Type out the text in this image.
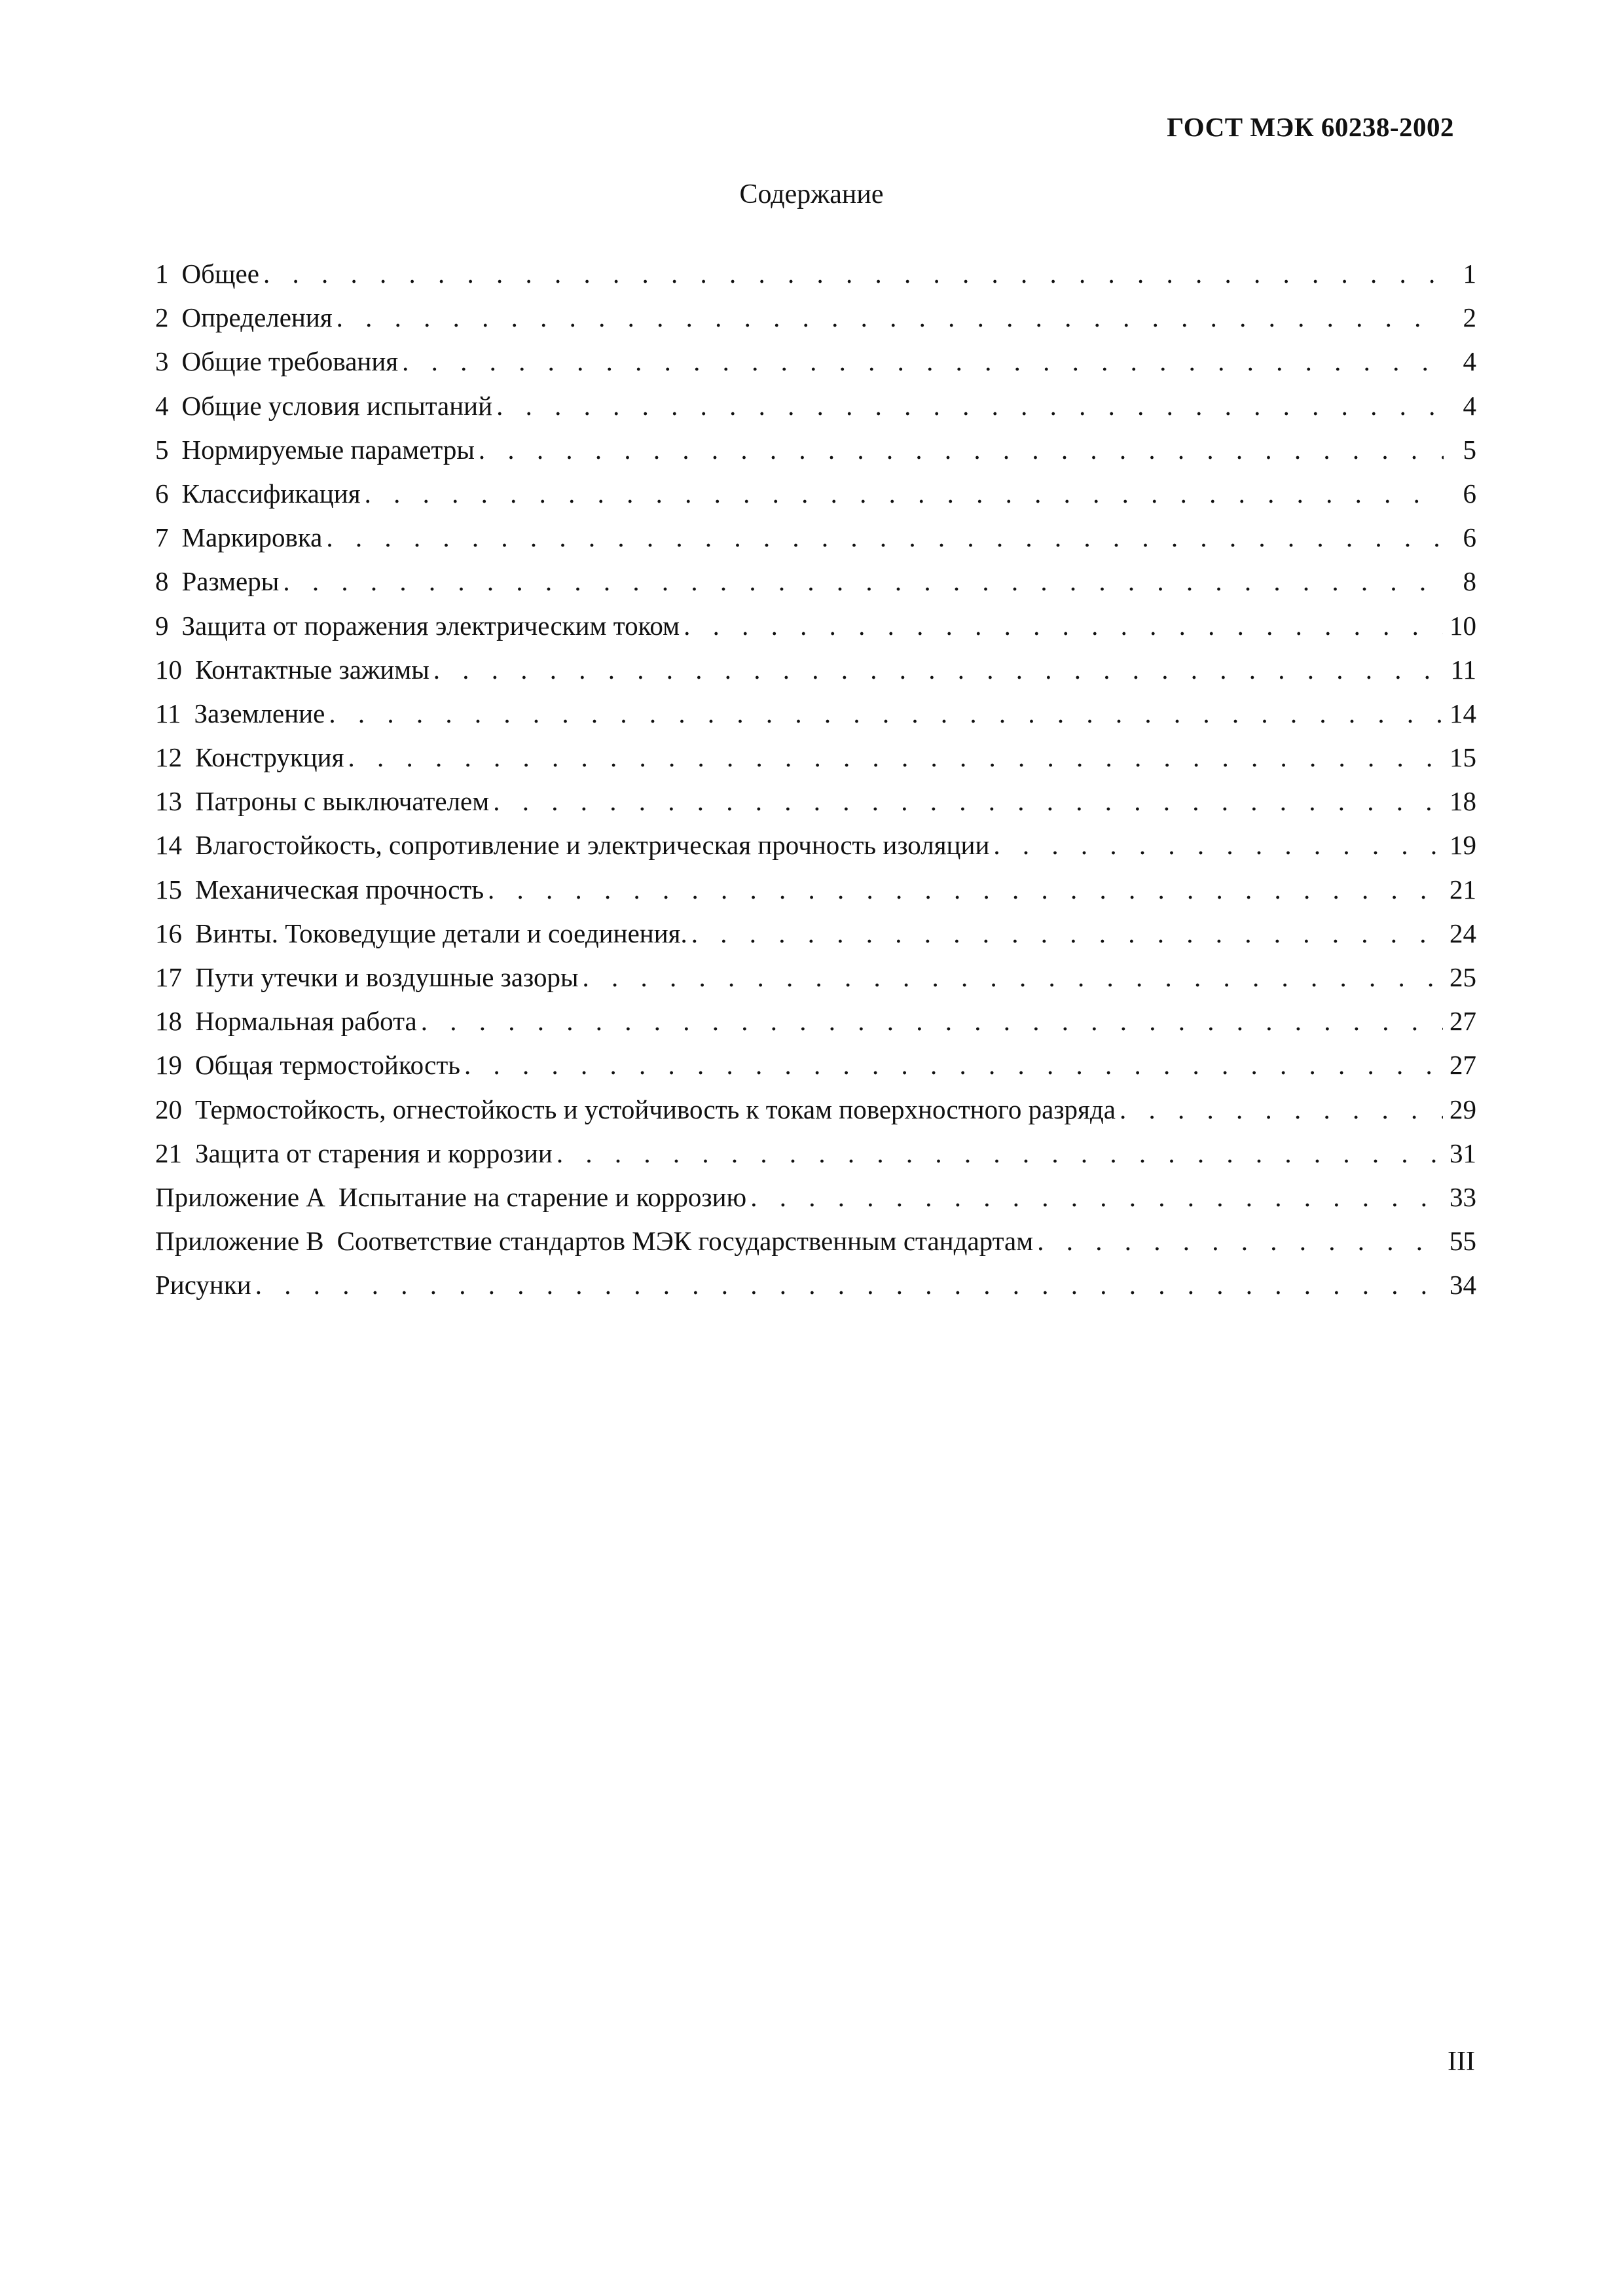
ГОСТ МЭК 60238-2002
Содержание
1 Общее . . .	1
2 Определения . . .	2
3 Общие требования . . .	4
4 Общие условия испытаний . . .	4
5 Нормируемые параметры . . .	5
6 Классификация . . .	6
7 Маркировка . . .	6
8 Размеры . . .	8
9 Защита от поражения электрическим током . . .	10
10 Контактные зажимы . . .	11
11 Заземление . . .	14
12 Конструкция . . .	15
13 Патроны с выключателем . . .	18
14 Влагостойкость, сопротивление и электрическая прочность изоляции . . .	19
15 Механическая прочность . . .	21
16 Винты. Токоведущие детали и соединения. . . .	24
17 Пути утечки и воздушные зазоры . . .	25
18 Нормальная работа . . .	27
19 Общая термостойкость . . .	27
20 Термостойкость, огнестойкость и устойчивость к токам поверхностного разряда . . .	29
21 Защита от старения и коррозии . . .	31
Приложение А Испытание на старение и коррозию . . .	33
Приложение В Соответствие стандартов МЭК государственным стандартам . . .	55
Рисунки . . .	34
III
